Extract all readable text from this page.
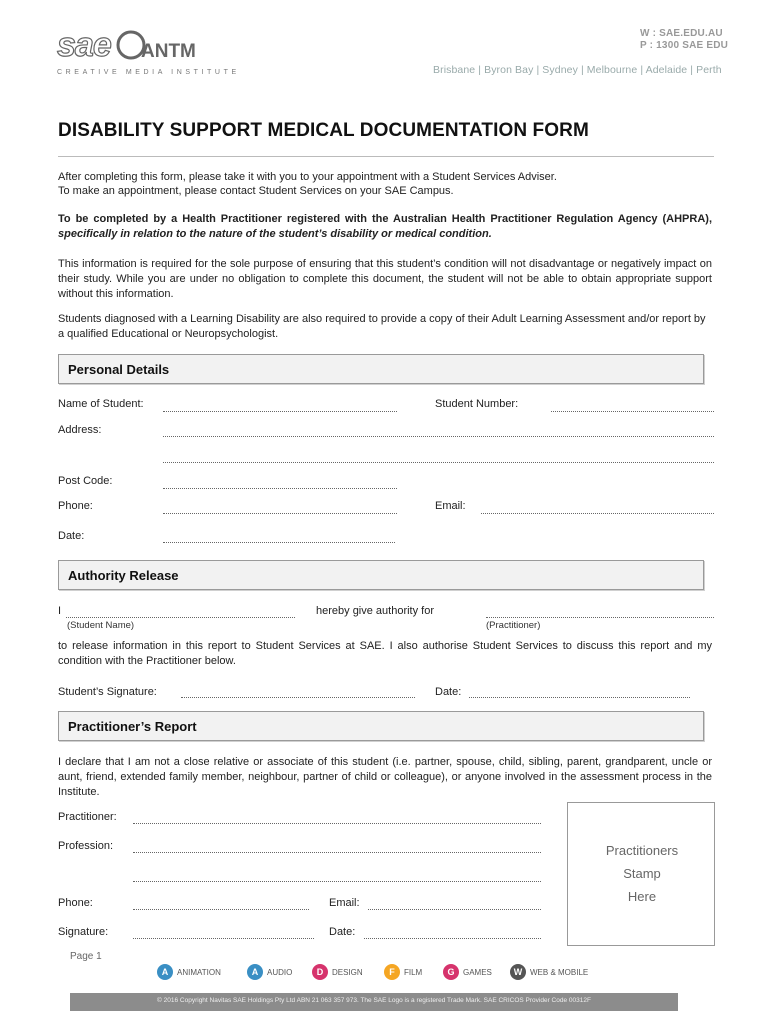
sae ANTM
CREATIVE MEDIA INSTITUTE
W : SAE.EDU.AU
P : 1300 SAE EDU
Brisbane | Byron Bay | Sydney | Melbourne | Adelaide | Perth
DISABILITY SUPPORT MEDICAL DOCUMENTATION FORM
After completing this form, please take it with you to your appointment with a Student Services Adviser.
To make an appointment, please contact Student Services on your SAE Campus.
To be completed by a Health Practitioner registered with the Australian Health Practitioner Regulation Agency (AHPRA), specifically in relation to the nature of the student’s disability or medical condition.
This information is required for the sole purpose of ensuring that this student’s condition will not disadvantage or negatively impact on their study. While you are under no obligation to complete this document, the student will not be able to obtain appropriate support without this information.
Students diagnosed with a Learning Disability are also required to provide a copy of their Adult Learning Assessment and/or report by a qualified Educational or Neuropsychologist.
Personal Details
Name of Student:	Student Number:
Address:
Post Code:
Phone:	Email:
Date:
Authority Release
I	hereby give authority for
(Student Name)	(Practitioner)
to release information in this report to Student Services at SAE. I also authorise Student Services to discuss this report and my condition with the Practitioner below.
Student’s Signature:	Date:
Practitioner’s Report
I declare that I am not a close relative or associate of this student (i.e. partner, spouse, child, sibling, parent, grandparent, uncle or aunt, friend, extended family member, neighbour, partner of child or colleague), or anyone involved in the assessment process in the Institute.
Practitioner:
Profession:
Phone:	Email:
Signature:	Date:
Practitioners
Stamp
Here
Page 1
A	ANIMATION	A	AUDIO	D	DESIGN	F	FILM	G	GAMES	W WEB & MOBILE
© 2016 Copyright Navitas SAE Holdings Pty Ltd ABN 21 063 357 973. The SAE Logo is a registered Trade Mark. SAE CRICOS Provider Code 00312F
